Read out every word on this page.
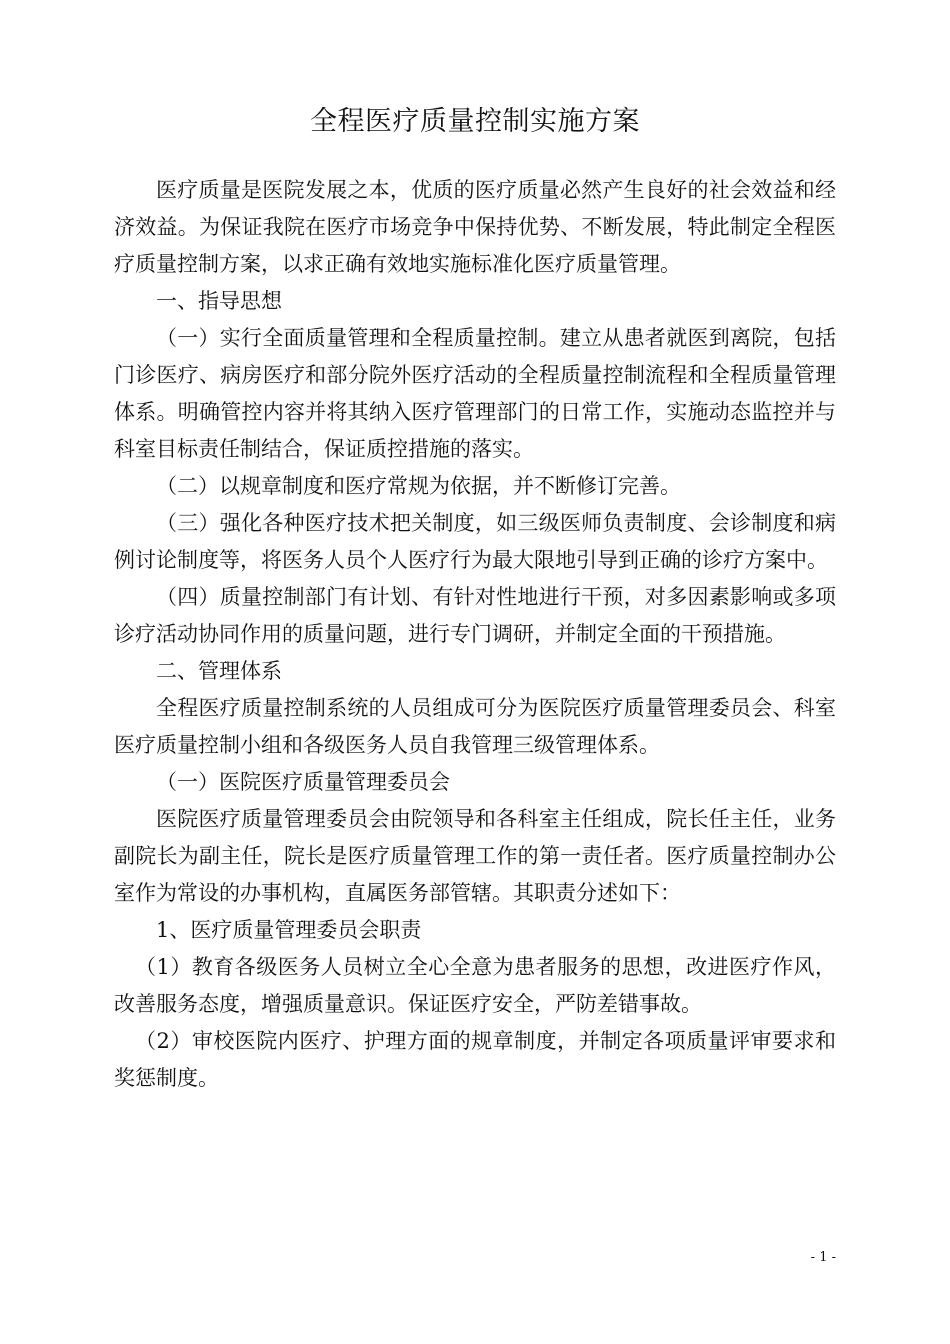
全程医疗质量控制实施方案

医疗质量是医院发展之本，优质的医疗质量必然产生良好的社会效益和经济效益。为保证我院在医疗市场竞争中保持优势、不断发展，特此制定全程医疗质量控制方案，以求正确有效地实施标准化医疗质量管理。

一、指导思想

（一）实行全面质量管理和全程质量控制。建立从患者就医到离院，包括门诊医疗、病房医疗和部分院外医疗活动的全程质量控制流程和全程质量管理体系。明确管控内容并将其纳入医疗管理部门的日常工作，实施动态监控并与科室目标责任制结合，保证质控措施的落实。

（二）以规章制度和医疗常规为依据，并不断修订完善。

（三）强化各种医疗技术把关制度，如三级医师负责制度、会诊制度和病例讨论制度等，将医务人员个人医疗行为最大限地引导到正确的诊疗方案中。

（四）质量控制部门有计划、有针对性地进行干预，对多因素影响或多项诊疗活动协同作用的质量问题，进行专门调研，并制定全面的干预措施。

二、管理体系

全程医疗质量控制系统的人员组成可分为医院医疗质量管理委员会、科室医疗质量控制小组和各级医务人员自我管理三级管理体系。

（一）医院医疗质量管理委员会

医院医疗质量管理委员会由院领导和各科室主任组成，院长任主任，业务副院长为副主任，院长是医疗质量管理工作的第一责任者。医疗质量控制办公室作为常设的办事机构，直属医务部管辖。其职责分述如下：

1、医疗质量管理委员会职责

（1）教育各级医务人员树立全心全意为患者服务的思想，改进医疗作风，改善服务态度，增强质量意识。保证医疗安全，严防差错事故。

（2）审校医院内医疗、护理方面的规章制度，并制定各项质量评审要求和奖惩制度。

- 1 -
